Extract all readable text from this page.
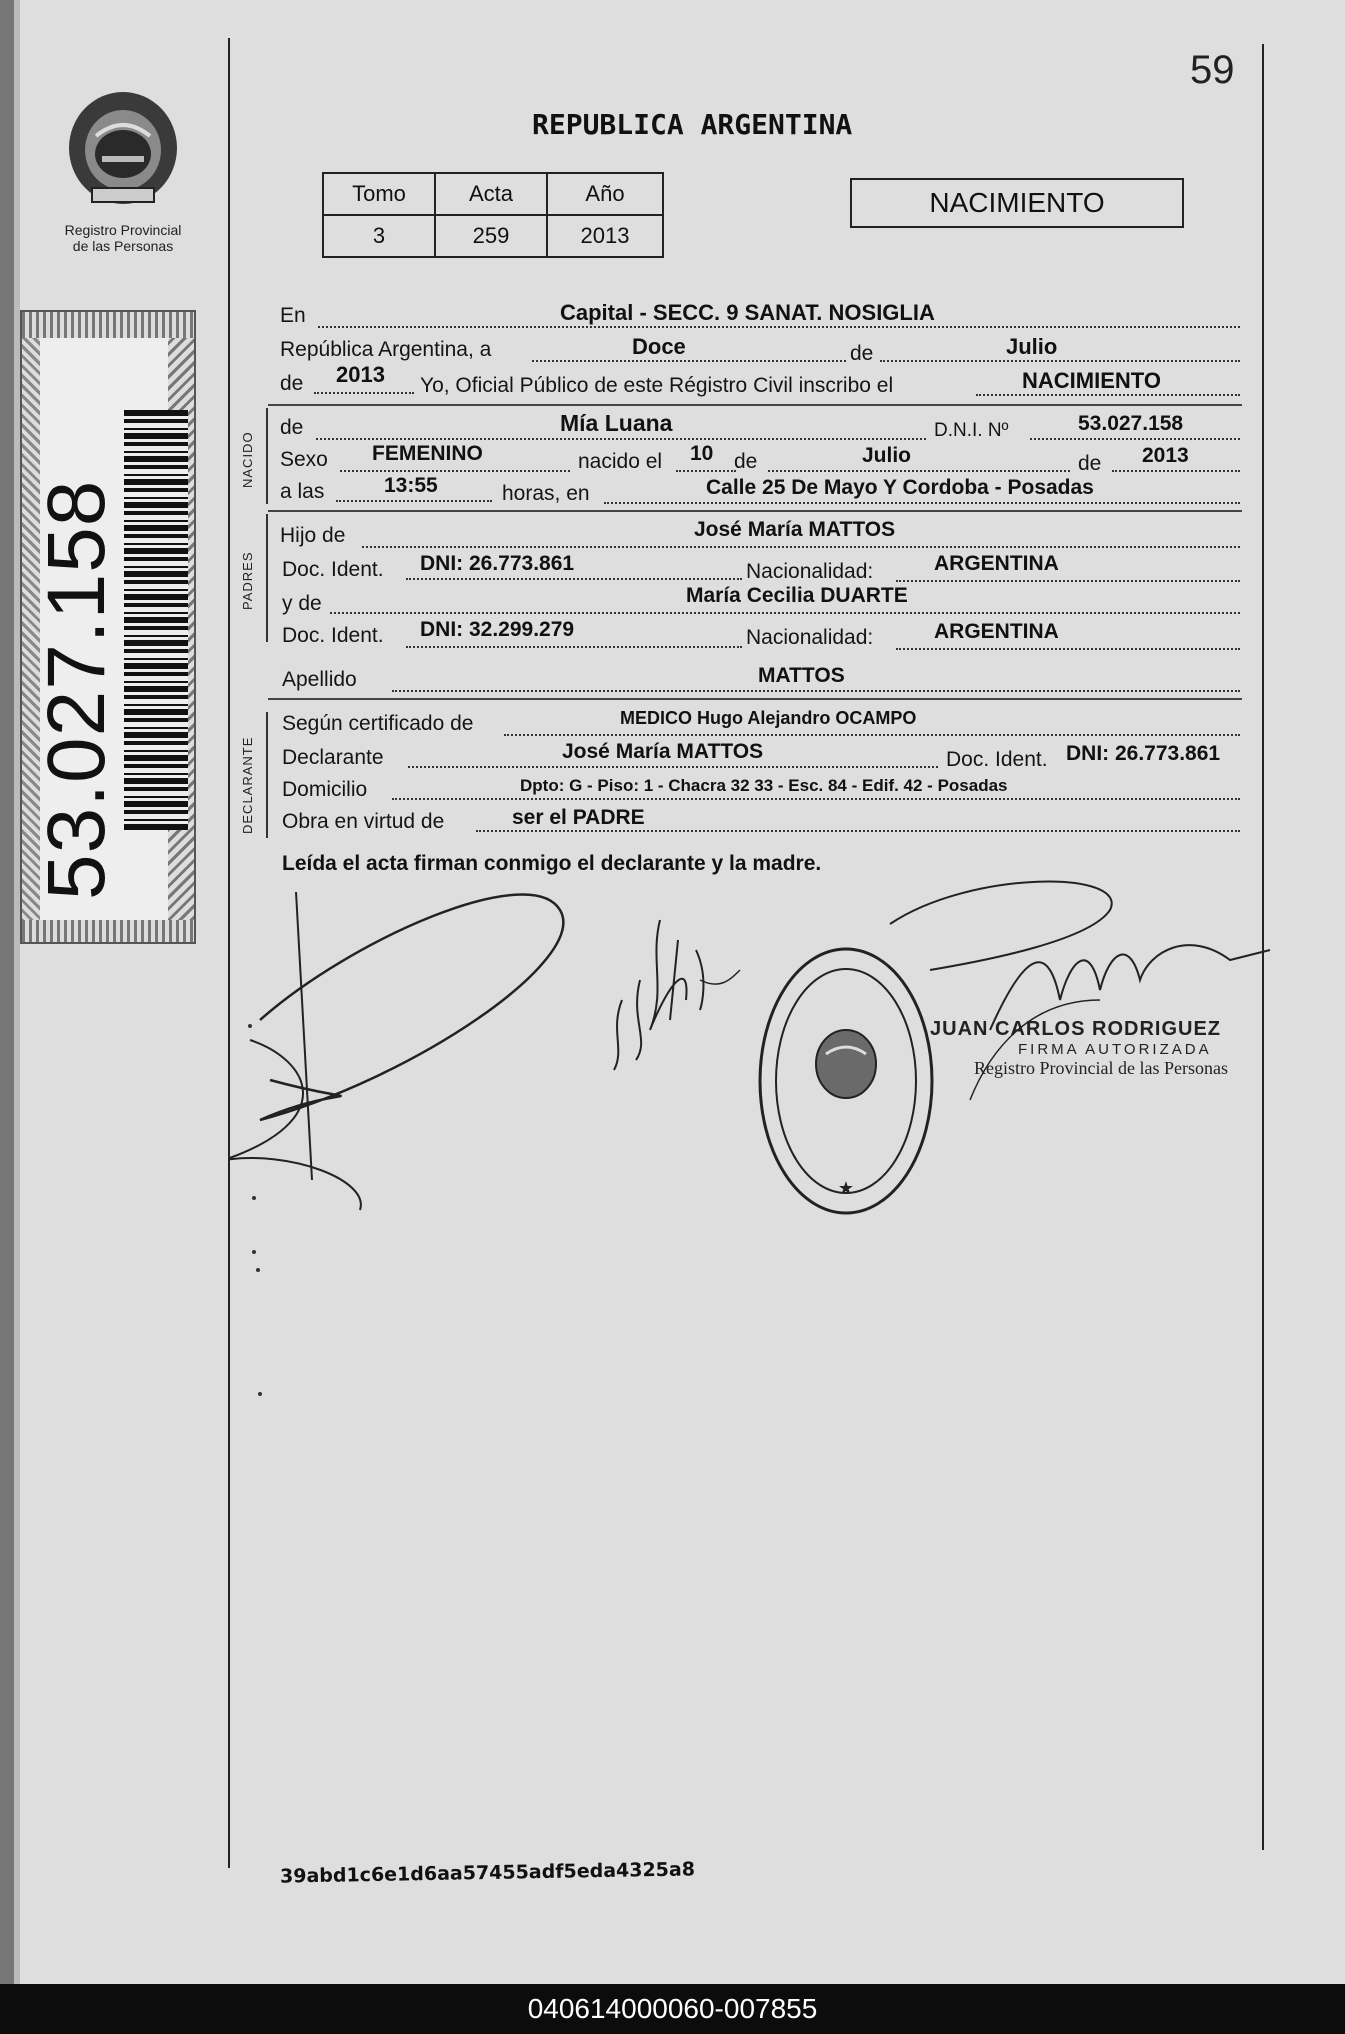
Registro Provincial
de las Personas
53.027.158
59
REPUBLICA ARGENTINA
Tomo	Acta	Año
3	259	2013
NACIMIENTO
En	Capital - SECC. 9 SANAT. NOSIGLIA
República Argentina, a	Doce	de	Julio
de 2013 Yo, Oficial Público de este Régistro Civil inscribo el	NACIMIENTO
NACIDO
de	Mía Luana	D.N.I. Nº	53.027.158
Sexo FEMENINO	nacido el 10 de	Julio	de 2013
a las	13:55	horas, en	Calle 25 De Mayo Y Cordoba - Posadas
PADRES
Hijo de	José María MATTOS
Doc. Ident. DNI: 26.773.861	Nacionalidad:	ARGENTINA
y de	María Cecilia DUARTE
Doc. Ident. DNI: 32.299.279	Nacionalidad:	ARGENTINA
Apellido	MATTOS
DECLARANTE
Según certificado de	MEDICO Hugo Alejandro OCAMPO
Declarante	José María MATTOS	Doc. Ident. DNI: 26.773.861
Domicilio	Dpto: G - Piso: 1 - Chacra 32 33 - Esc. 84 - Edif. 42 - Posadas
Obra en virtud de	ser el PADRE
Leída el acta firman conmigo el declarante y la madre.
★
JUAN CARLOS RODRIGUEZ
FIRMA AUTORIZADA
Registro Provincial de las Personas
39abd1c6e1d6aa57455adf5eda4325a8
040614000060-007855
